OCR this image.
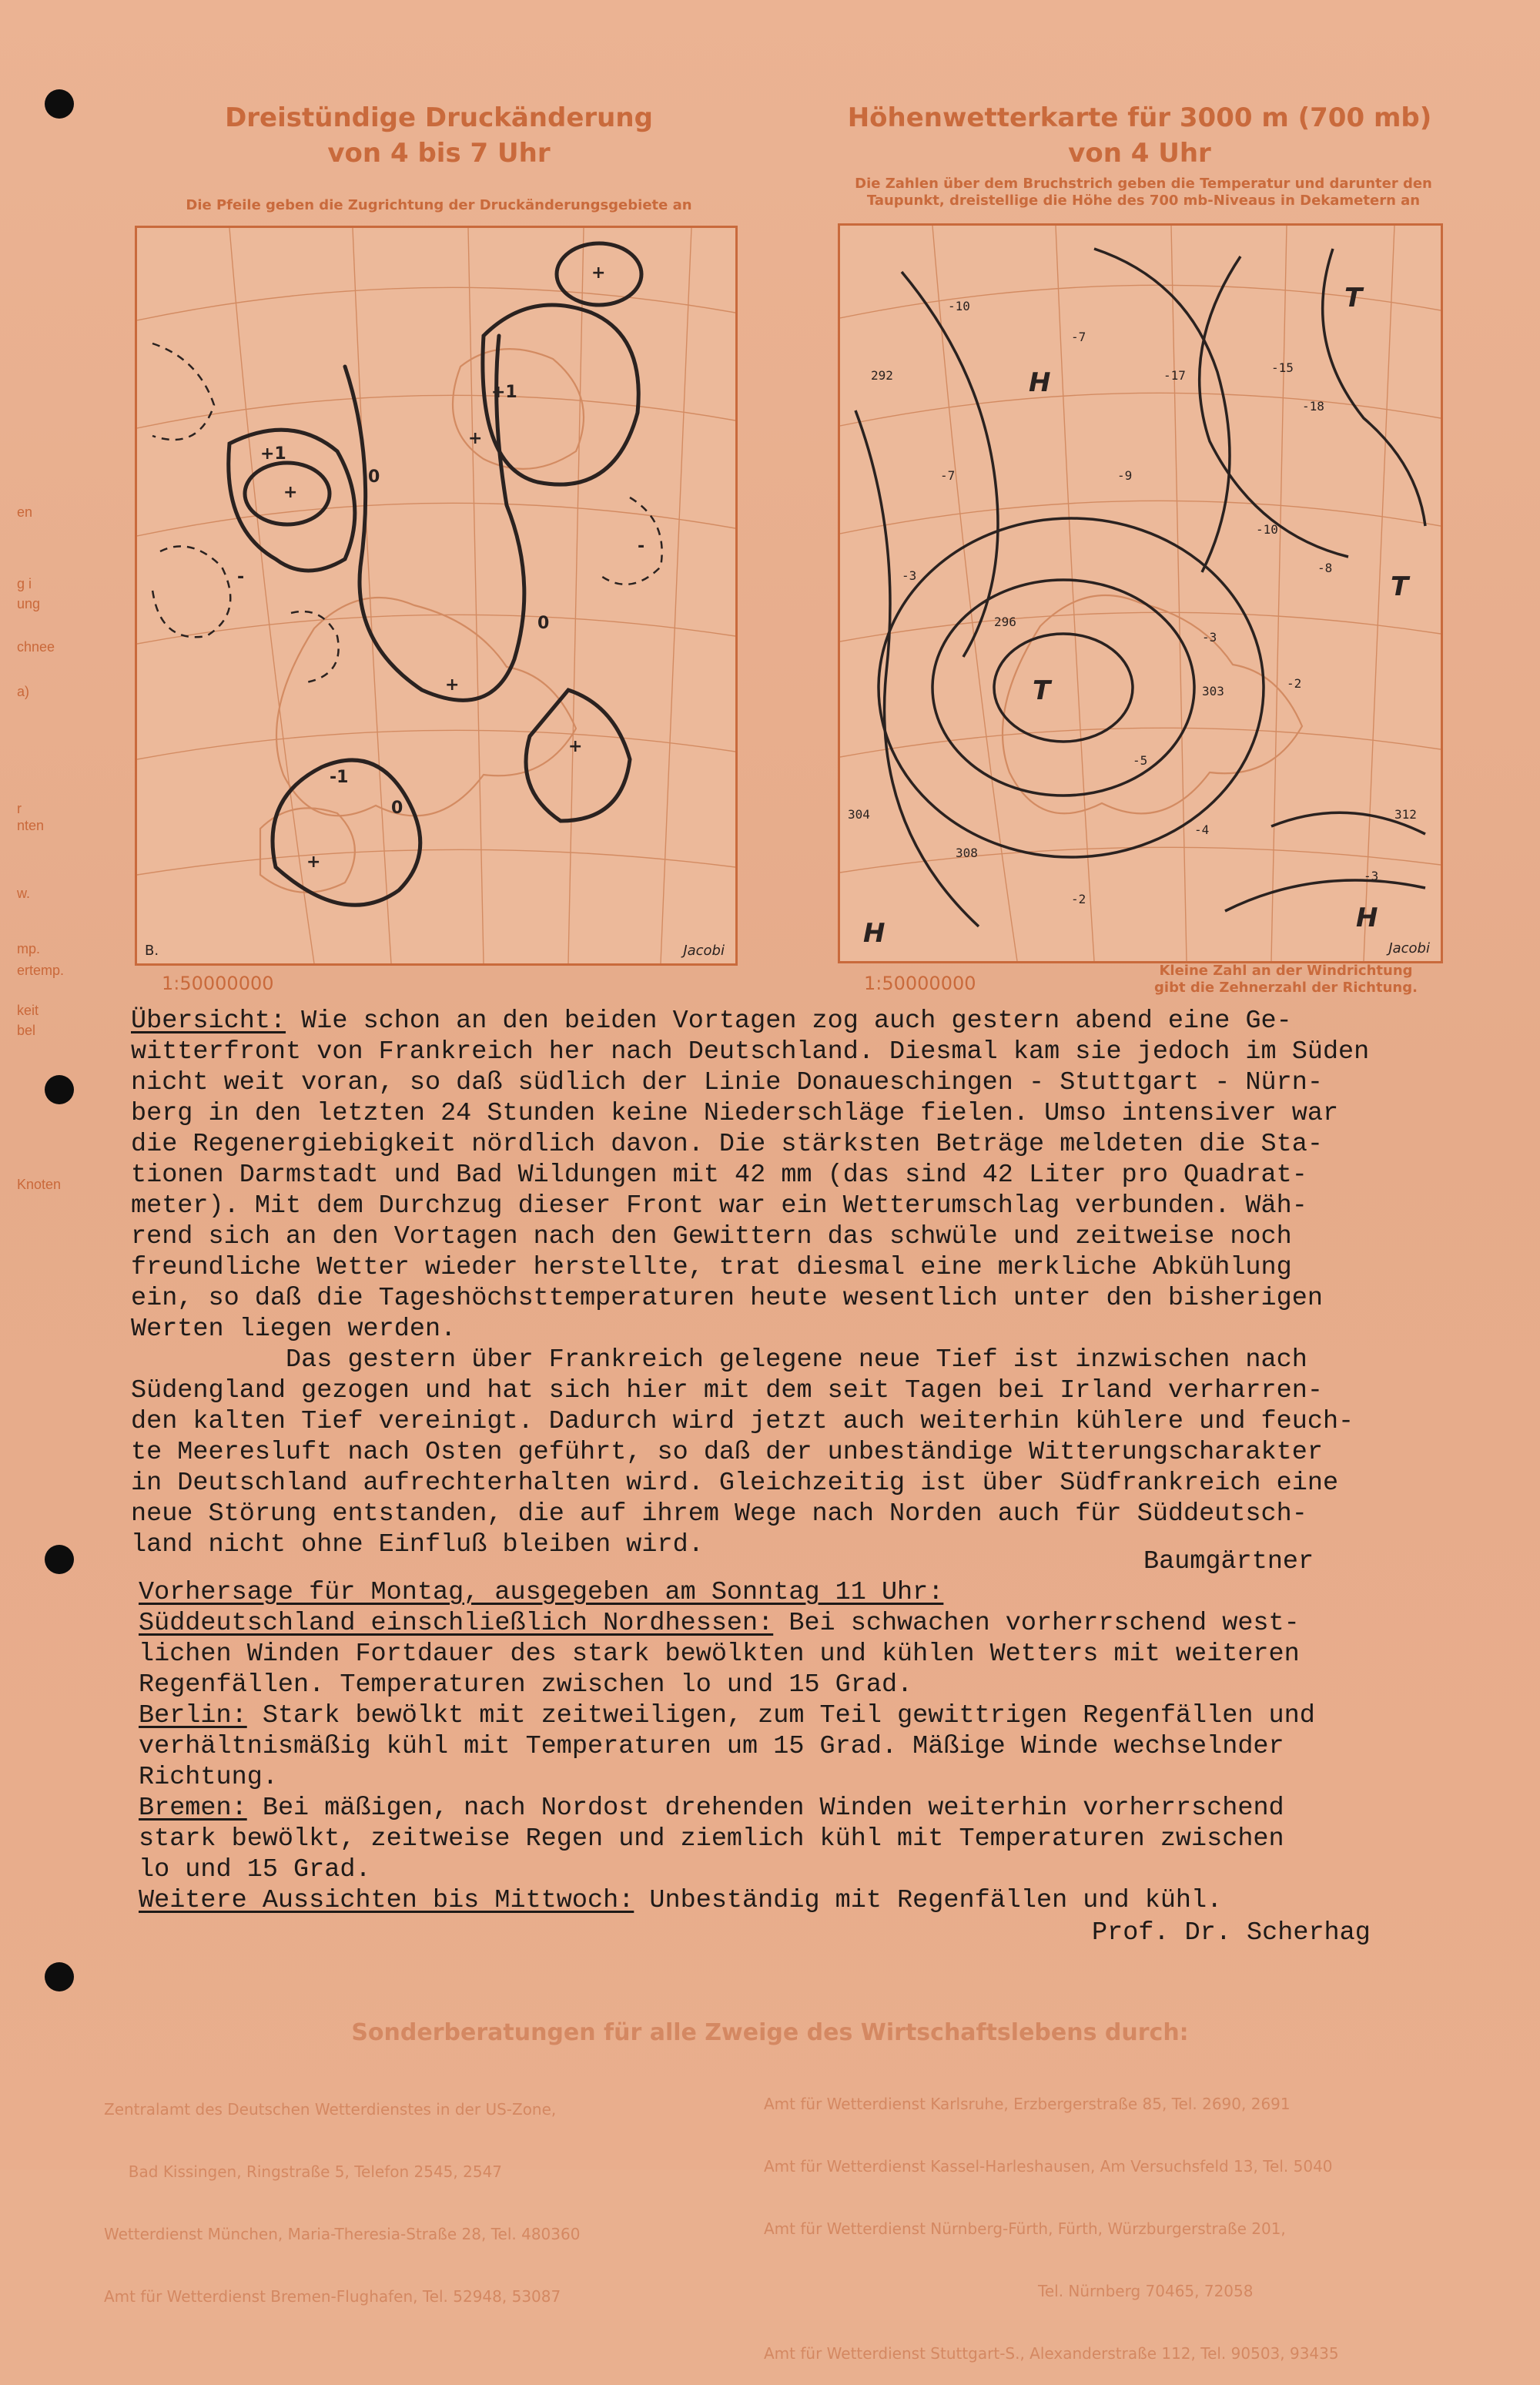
en
g i
ung
chnee
a)
r
nten
w.
mp.
ertemp.
keit
bel
Knoten
Dreistündige Druckänderung
von 4 bis 7 Uhr
Die Pfeile geben die Zugrichtung der Druckänderungsgebiete an
+
+
+
+
+
-
+
-
0
0
0
-1
+1
+1
B.	Jacobi
1:50000000
Höhenwetterkarte für 3000 m (700 mb)
von 4 Uhr
Die Zahlen über dem Bruchstrich geben die Temperatur und darunter den
Taupunkt, dreistellige die Höhe des 700 mb-Niveaus in Dekametern an
T
H
T
T
H	H
-10
-7
-17
-15
-18
-7	-9
-3
-10
-8
-3
-2
-5
-4
-2
-3
292
296
304
308
312
303
Jacobi
1:50000000
Kleine Zahl an der Windrichtung
gibt die Zehnerzahl der Richtung.
Übersicht: Wie schon an den beiden Vortagen zog auch gestern abend eine Ge-
witterfront von Frankreich her nach Deutschland. Diesmal kam sie jedoch im Süden
nicht weit voran, so daß südlich der Linie Donaueschingen - Stuttgart - Nürn-
berg in den letzten 24 Stunden keine Niederschläge fielen. Umso intensiver war
die Regenergiebigkeit nördlich davon. Die stärksten Beträge meldeten die Sta-
tionen Darmstadt und Bad Wildungen mit 42 mm (das sind 42 Liter pro Quadrat-
meter). Mit dem Durchzug dieser Front war ein Wetterumschlag verbunden. Wäh-
rend sich an den Vortagen nach den Gewittern das schwüle und zeitweise noch
freundliche Wetter wieder herstellte, trat diesmal eine merkliche Abkühlung
ein, so daß die Tageshöchsttemperaturen heute wesentlich unter den bisherigen
Werten liegen werden.
Das gestern über Frankreich gelegene neue Tief ist inzwischen nach
Südengland gezogen und hat sich hier mit dem seit Tagen bei Irland verharren-
den kalten Tief vereinigt. Dadurch wird jetzt auch weiterhin kühlere und feuch-
te Meeresluft nach Osten geführt, so daß der unbeständige Witterungscharakter
in Deutschland aufrechterhalten wird. Gleichzeitig ist über Südfrankreich eine
neue Störung entstanden, die auf ihrem Wege nach Norden auch für Süddeutsch-
land nicht ohne Einfluß bleiben wird.
Baumgärtner
Vorhersage für Montag, ausgegeben am Sonntag 11 Uhr:
Süddeutschland einschließlich Nordhessen: Bei schwachen vorherrschend west-
lichen Winden Fortdauer des stark bewölkten und kühlen Wetters mit weiteren
Regenfällen. Temperaturen zwischen lo und 15 Grad.
Berlin: Stark bewölkt mit zeitweiligen, zum Teil gewittrigen Regenfällen und
verhältnismäßig kühl mit Temperaturen um 15 Grad. Mäßige Winde wechselnder
Richtung.
Bremen: Bei mäßigen, nach Nordost drehenden Winden weiterhin vorherrschend
stark bewölkt, zeitweise Regen und ziemlich kühl mit Temperaturen zwischen
lo und 15 Grad.
Weitere Aussichten bis Mittwoch: Unbeständig mit Regenfällen und kühl.
Prof. Dr. Scherhag
Sonderberatungen für alle Zweige des Wirtschaftslebens durch:

Zentralamt des Deutschen Wetterdienstes in der US-Zone,

Bad Kissingen, Ringstraße 5, Telefon 2545, 2547

Wetterdienst München, Maria-Theresia-Straße 28, Tel. 480360

Amt für Wetterdienst Bremen-Flughafen, Tel. 52948, 53087

Amt für Wetterdienst Karlsruhe, Erzbergerstraße 85, Tel. 2690, 2691

Amt für Wetterdienst Kassel-Harleshausen, Am Versuchsfeld 13, Tel. 5040

Amt für Wetterdienst Nürnberg-Fürth, Fürth, Würzburgerstraße 201,

Tel. Nürnberg 70465, 72058

Amt für Wetterdienst Stuttgart-S., Alexanderstraße 112, Tel. 90503, 93435
